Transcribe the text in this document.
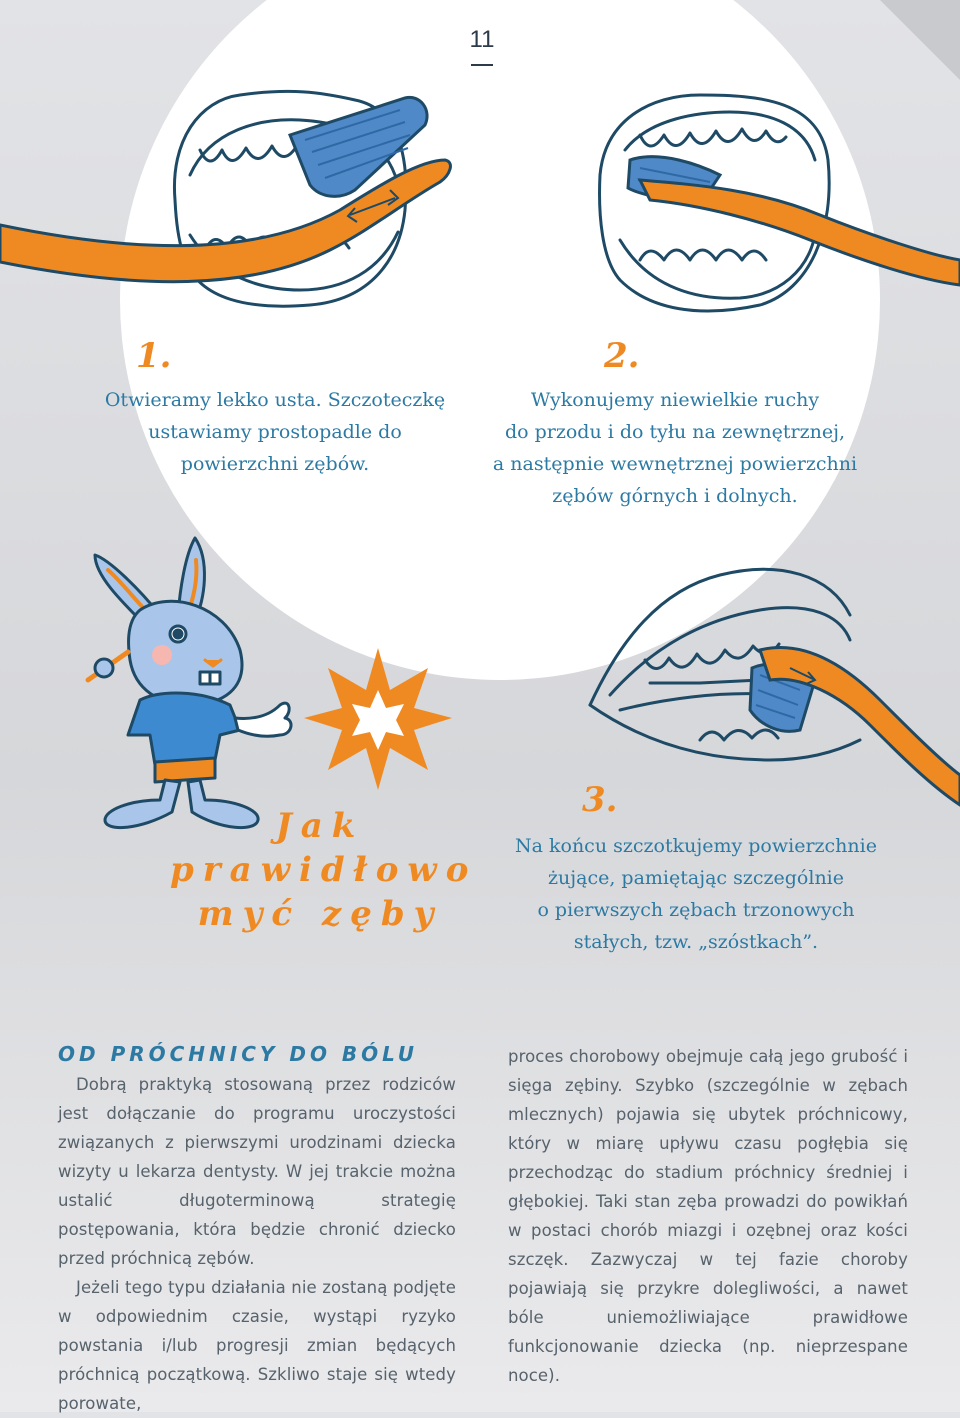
11
1.
Otwieramy lekko usta. Szczoteczkę
ustawiamy prostopadle do
powierzchni zębów.
2.
Wykonujemy niewielkie ruchy
do przodu i do tyłu na zewnętrznej,
a następnie wewnętrznej powierzchni
zębów górnych i dolnych.
Jak
prawidłowo
myć zęby
3.
Na końcu szczotkujemy powierzchnie
żujące, pamiętając szczególnie
o pierwszych zębach trzonowych
stałych, tzw. „szóstkach”.
OD PRÓCHNICY DO BÓLU
Dobrą praktyką stosowaną przez rodziców jest dołączanie do programu uroczystości związanych z pierwszymi urodzinami dziecka wizyty u lekarza dentysty. W jej trakcie można ustalić długoterminową strategię postępowania, która będzie chronić dziecko przed próchnicą zębów.
Jeżeli tego typu działania nie zostaną podjęte w odpowiednim czasie, wystąpi ryzyko powstania i/lub progresji zmian będących próchnicą początkową. Szkliwo staje się wtedy porowate,
proces chorobowy obejmuje całą jego grubość i sięga zębiny. Szybko (szczególnie w zębach mlecznych) pojawia się ubytek próchnicowy, który w miarę upływu czasu pogłębia się przechodząc do stadium próchnicy średniej i głębokiej. Taki stan zęba prowadzi do powikłań w postaci chorób miazgi i ozębnej oraz kości szczęk. Zazwyczaj w tej fazie choroby pojawiają się przykre dolegliwości, a nawet bóle uniemożliwiające prawidłowe funkcjonowanie dziecka (np. nieprzespane noce).
